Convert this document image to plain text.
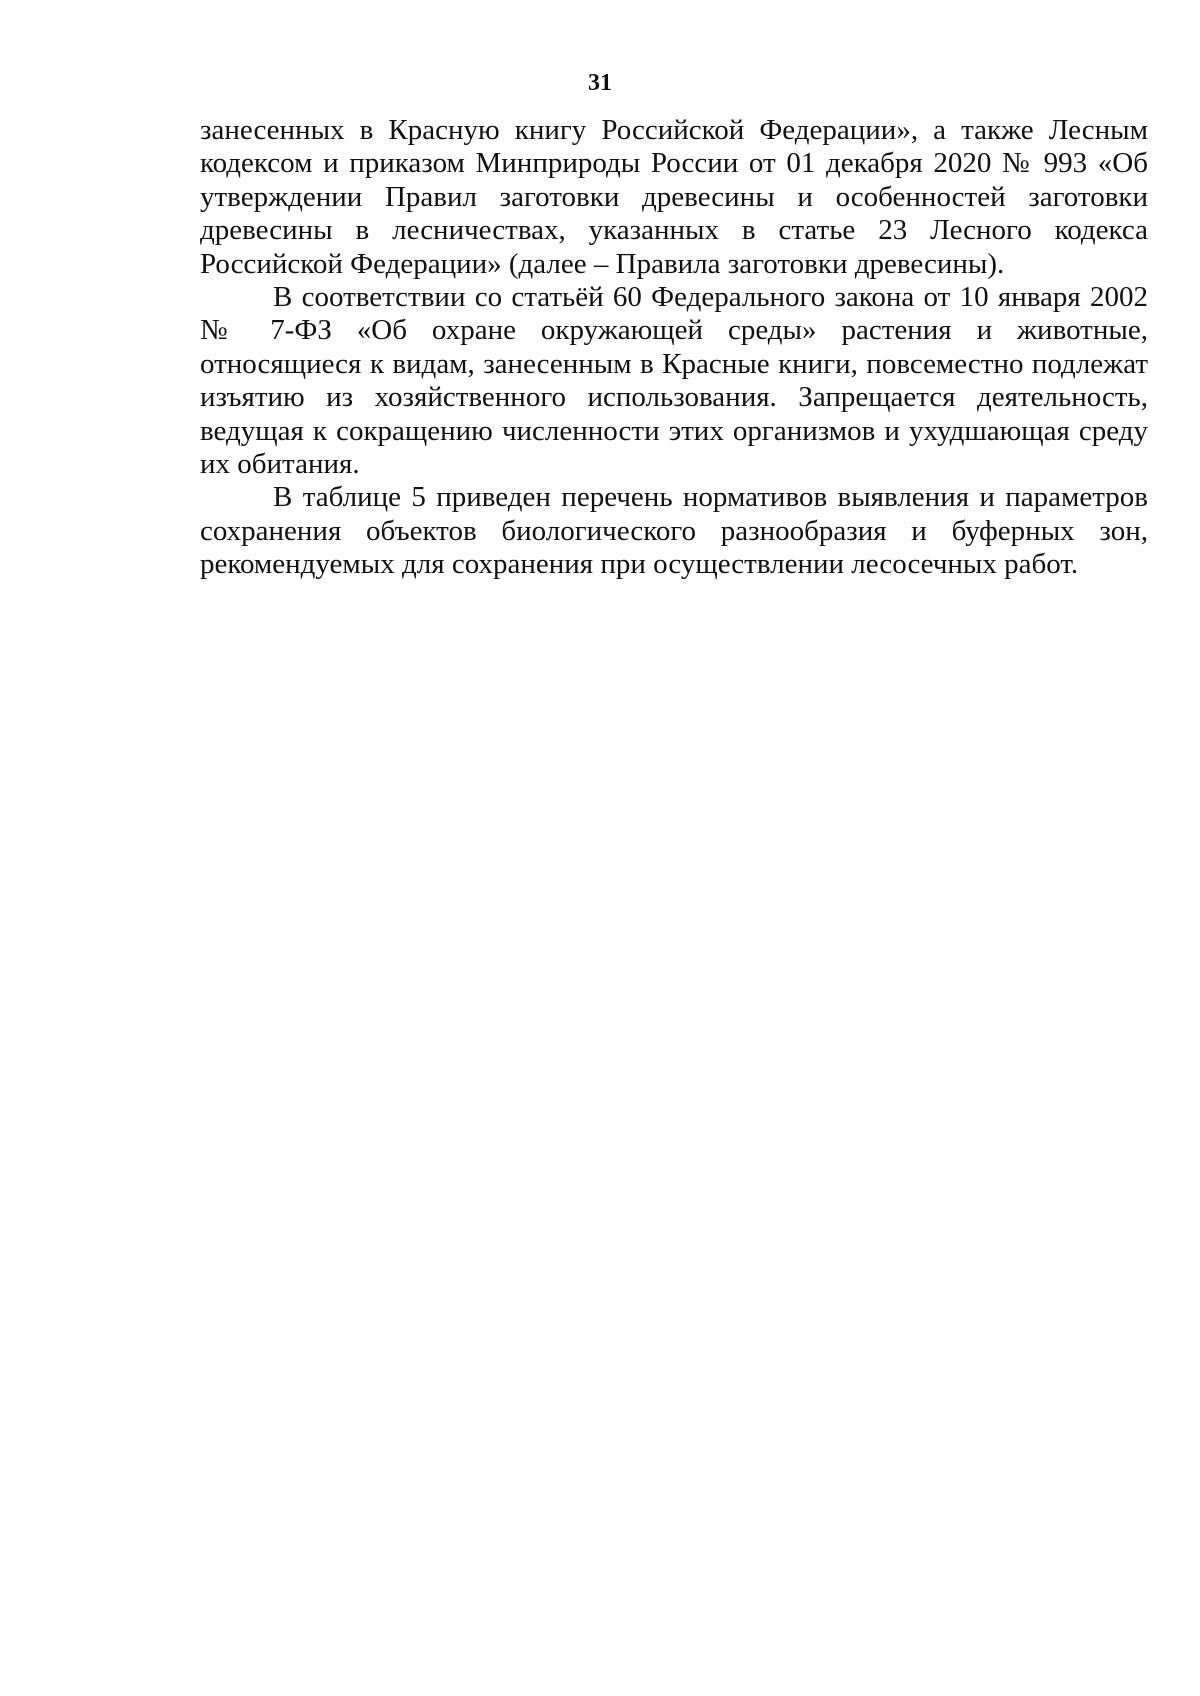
31

занесенных в Красную книгу Российской Федерации», а также Лесным кодексом и приказом Минприроды России от 01 декабря 2020 № 993 «Об утверждении Правил заготовки древесины и особенностей заготовки древесины в лесничествах, указанных в статье 23 Лесного кодекса Российской Федерации» (далее – Правила заготовки древесины).

В соответствии со статьёй 60 Федерального закона от 10 января 2002 № 7-ФЗ «Об охране окружающей среды» растения и животные, относящиеся к видам, занесенным в Красные книги, повсеместно подлежат изъятию из хозяйственного использования. Запрещается деятельность, ведущая к сокращению численности этих организмов и ухудшающая среду их обитания.

В таблице 5 приведен перечень нормативов выявления и параметров сохранения объектов биологического разнообразия и буферных зон, рекомендуемых для сохранения при осуществлении лесосечных работ.
